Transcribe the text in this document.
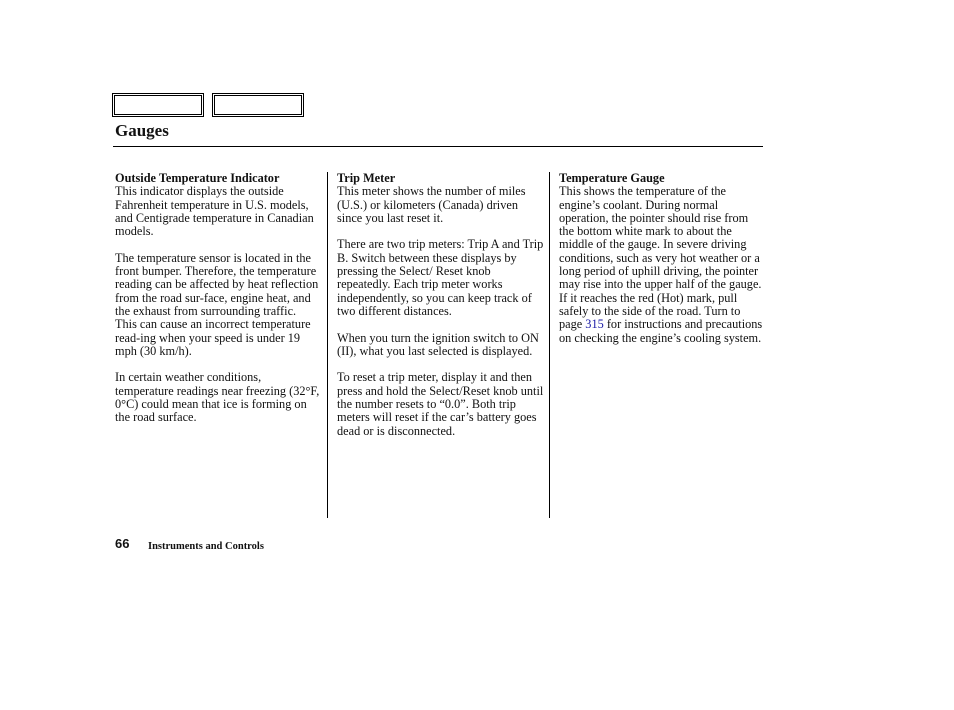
Gauges
Outside Temperature Indicator

This indicator displays the outside Fahrenheit temperature in U.S. models, and Centigrade temperature in Canadian models.

The temperature sensor is located in the front bumper. Therefore, the temperature reading can be affected by heat reflection from the road sur-face, engine heat, and the exhaust from surrounding traffic. This can cause an incorrect temperature read-ing when your speed is under 19 mph (30 km/h).

In certain weather conditions, temperature readings near freezing (32°F, 0°C) could mean that ice is forming on the road surface.

Trip Meter

This meter shows the number of miles (U.S.) or kilometers (Canada) driven since you last reset it.

There are two trip meters: Trip A and Trip B. Switch between these displays by pressing the Select/ Reset knob repeatedly. Each trip meter works independently, so you can keep track of two different distances.

When you turn the ignition switch to ON (II), what you last selected is displayed.

To reset a trip meter, display it and then press and hold the Select/Reset knob until the number resets to “0.0”. Both trip meters will reset if the car’s battery goes dead or is disconnected.

Temperature Gauge

This shows the temperature of the engine’s coolant. During normal operation, the pointer should rise from the bottom white mark to about the middle of the gauge. In severe driving conditions, such as very hot weather or a long period of uphill driving, the pointer may rise into the upper half of the gauge. If it reaches the red (Hot) mark, pull safely to the side of the road. Turn to page 315 for instructions and precautions on checking the engine’s cooling system.

66 Instruments and Controls
